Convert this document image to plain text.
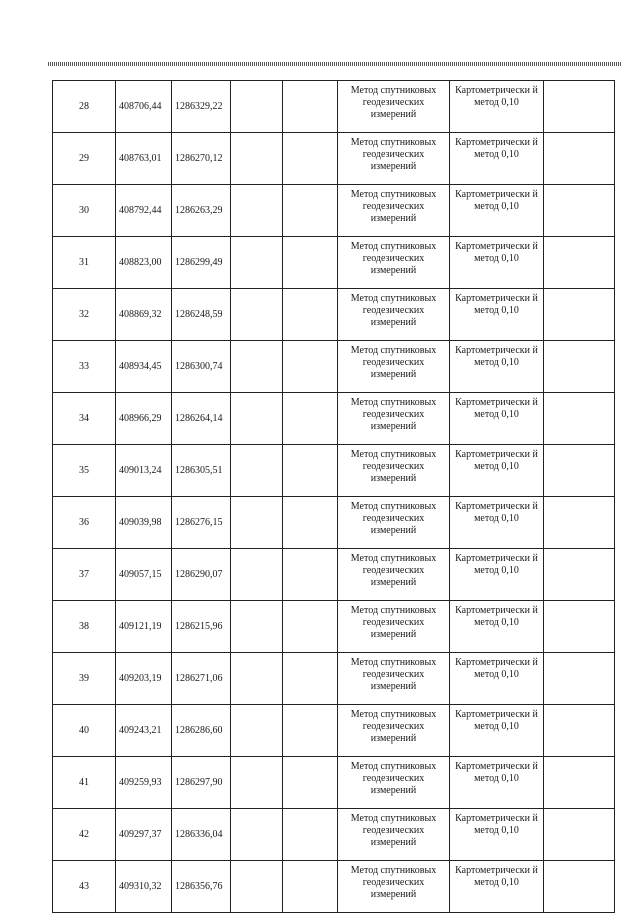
28	408706,44	1286329,22			Метод спутниковых геодезических измерений	Картометрически й метод 0,10	
29	408763,01	1286270,12			Метод спутниковых геодезических измерений	Картометрически й метод 0,10	
30	408792,44	1286263,29			Метод спутниковых геодезических измерений	Картометрически й метод 0,10	
31	408823,00	1286299,49			Метод спутниковых геодезических измерений	Картометрически й метод 0,10	
32	408869,32	1286248,59			Метод спутниковых геодезических измерений	Картометрически й метод 0,10	
33	408934,45	1286300,74			Метод спутниковых геодезических измерений	Картометрически й метод 0,10	
34	408966,29	1286264,14			Метод спутниковых геодезических измерений	Картометрически й метод 0,10	
35	409013,24	1286305,51			Метод спутниковых геодезических измерений	Картометрически й метод 0,10	
36	409039,98	1286276,15			Метод спутниковых геодезических измерений	Картометрически й метод 0,10	
37	409057,15	1286290,07			Метод спутниковых геодезических измерений	Картометрически й метод 0,10	
38	409121,19	1286215,96			Метод спутниковых геодезических измерений	Картометрически й метод 0,10	
39	409203,19	1286271,06			Метод спутниковых геодезических измерений	Картометрически й метод 0,10	
40	409243,21	1286286,60			Метод спутниковых геодезических измерений	Картометрически й метод 0,10	
41	409259,93	1286297,90			Метод спутниковых геодезических измерений	Картометрически й метод 0,10	
42	409297,37	1286336,04			Метод спутниковых геодезических измерений	Картометрически й метод 0,10	
43	409310,32	1286356,76			Метод спутниковых геодезических измерений	Картометрически й метод 0,10	
